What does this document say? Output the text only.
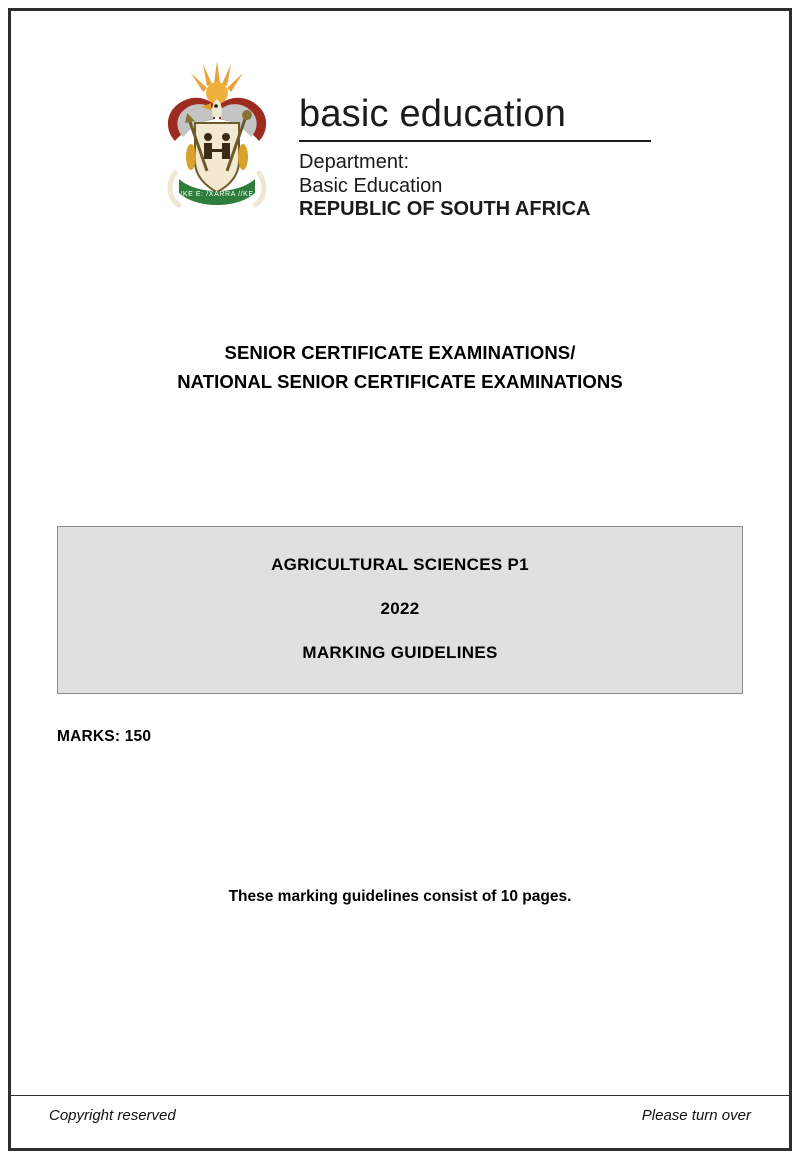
!KE E: /XARRA //KE
basic education
Department:
Basic Education
REPUBLIC OF SOUTH AFRICA
SENIOR CERTIFICATE EXAMINATIONS/
NATIONAL SENIOR CERTIFICATE EXAMINATIONS
AGRICULTURAL SCIENCES P1
2022
MARKING GUIDELINES
MARKS: 150
These marking guidelines consist of 10 pages.
Copyright reserved	Please turn over
